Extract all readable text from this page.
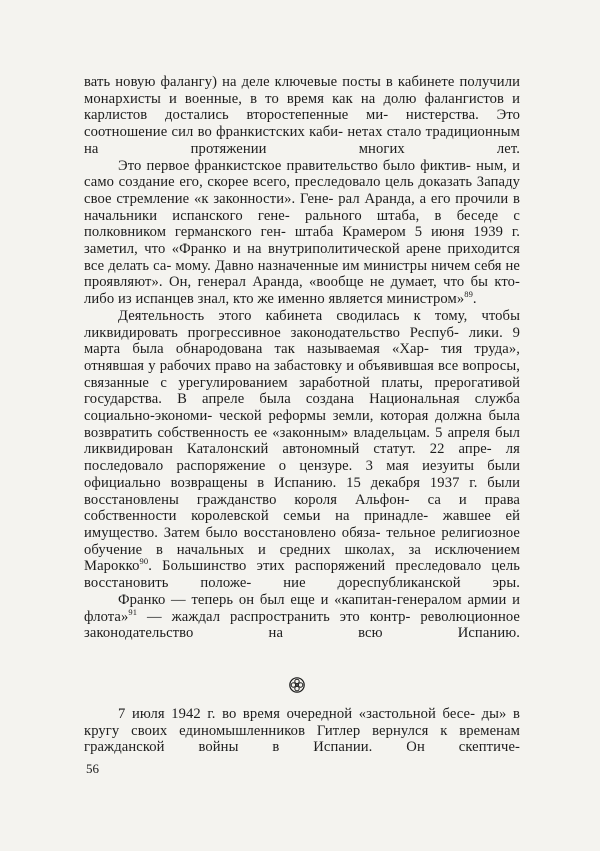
вать новую фалангу) на деле ключевые посты в кабинете получили монархисты и военные, в то время как на долю фалангистов и карлистов достались второстепенные ми- нистерства. Это соотношение сил во франкистских каби- нетах стало традиционным на протяжении многих лет.

Это первое франкистское правительство было фиктив- ным, и само создание его, скорее всего, преследовало цель доказать Западу свое стремление «к законности». Гене- рал Аранда, а его прочили в начальники испанского гене- рального штаба, в беседе с полковником германского ген- штаба Крамером 5 июня 1939 г. заметил, что «Франко и на внутриполитической арене приходится все делать са- мому. Давно назначенные им министры ничем себя не проявляют». Он, генерал Аранда, «вообще не думает, что бы кто-либо из испанцев знал, кто же именно является министром»$^{89}$.

Деятельность этого кабинета сводилась к тому, чтобы ликвидировать прогрессивное законодательство Респуб- лики. 9 марта была обнародована так называемая «Хар- тия труда», отнявшая у рабочих право на забастовку и объявившая все вопросы, связанные с урегулированием заработной платы, прерогативой государства. В апреле была создана Национальная служба социально-экономи- ческой реформы земли, которая должна была возвратить собственность ее «законным» владельцам. 5 апреля был ликвидирован Каталонский автономный статут. 22 апре- ля последовало распоряжение о цензуре. 3 мая иезуиты были официально возвращены в Испанию. 15 декабря 1937 г. были восстановлены гражданство короля Альфон- са и права собственности королевской семьи на принадле- жавшее ей имущество. Затем было восстановлено обяза- тельное религиозное обучение в начальных и средних школах, за исключением Марокко$^{90}$. Большинство этих распоряжений преследовало цель восстановить положе- ние дореспубликанской эры.

Франко — теперь он был еще и «капитан-генералом армии и флота»$^{91}$ — жаждал распространить это контр- революционное законодательство на всю Испанию.

7 июля 1942 г. во время очередной «застольной бесе- ды» в кругу своих единомышленников Гитлер вернулся к временам гражданской войны в Испании. Он скептиче-

56
